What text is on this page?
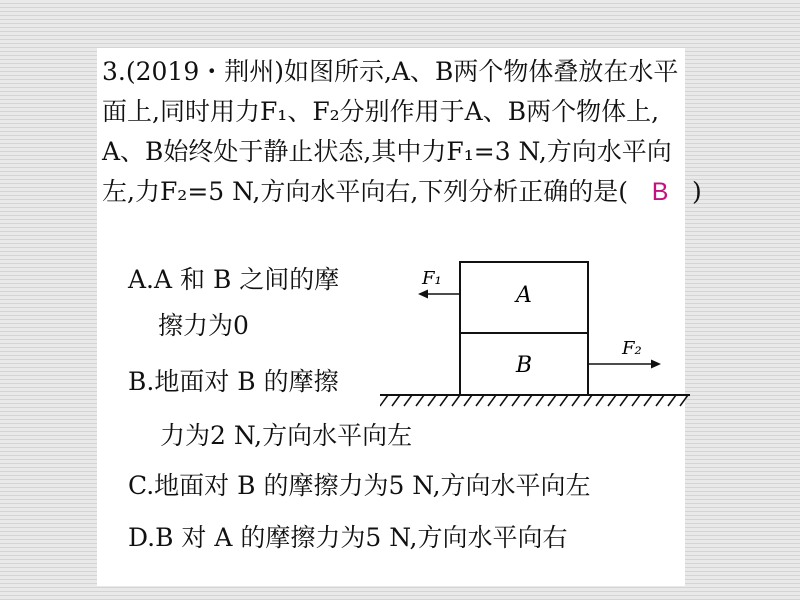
3.(2019・荆州)如图所示,A、B两个物体叠放在水平
面上,同时用力F₁、F₂分别作用于A、B两个物体上,
A、B始终处于静止状态,其中力F₁=3 N,方向水平向
左,力F₂=5 N,方向水平向右,下列分析正确的是( B )
A.A 和 B 之间的摩
擦力为0
B.地面对 B 的摩擦
力为2 N,方向水平向左
C.地面对 B 的摩擦力为5 N,方向水平向左
D.B 对 A 的摩擦力为5 N,方向水平向右
A
B
F₁
F₂
